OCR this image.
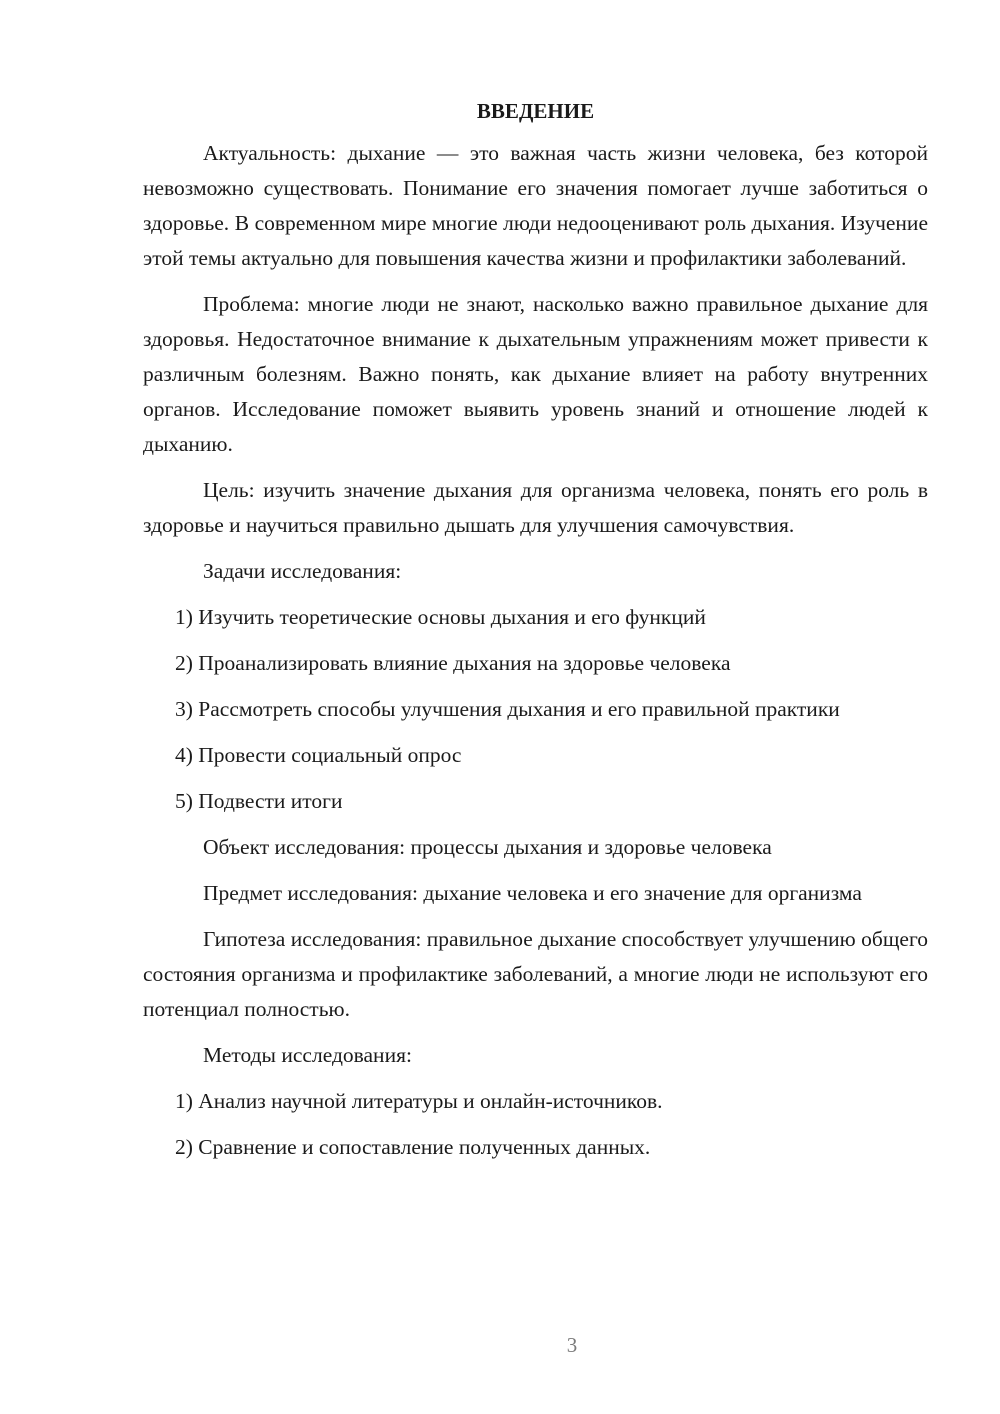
ВВЕДЕНИЕ

Актуальность: дыхание — это важная часть жизни человека, без которой невозможно существовать. Понимание его значения помогает лучше заботиться о здоровье. В современном мире многие люди недооценивают роль дыхания. Изучение этой темы актуально для повышения качества жизни и профилактики заболеваний.

Проблема: многие люди не знают, насколько важно правильное дыхание для здоровья. Недостаточное внимание к дыхательным упражнениям может привести к различным болезням. Важно понять, как дыхание влияет на работу внутренних органов. Исследование поможет выявить уровень знаний и отношение людей к дыханию.

Цель: изучить значение дыхания для организма человека, понять его роль в здоровье и научиться правильно дышать для улучшения самочувствия.

Задачи исследования:

1) Изучить теоретические основы дыхания и его функций

2) Проанализировать влияние дыхания на здоровье человека

3) Рассмотреть способы улучшения дыхания и его правильной практики

4) Провести социальный опрос

5) Подвести итоги

Объект исследования: процессы дыхания и здоровье человека

Предмет исследования: дыхание человека и его значение для организма

Гипотеза исследования: правильное дыхание способствует улучшению общего состояния организма и профилактике заболеваний, а многие люди не используют его потенциал полностью.

Методы исследования:

1) Анализ научной литературы и онлайн-источников.

2) Сравнение и сопоставление полученных данных.

3
